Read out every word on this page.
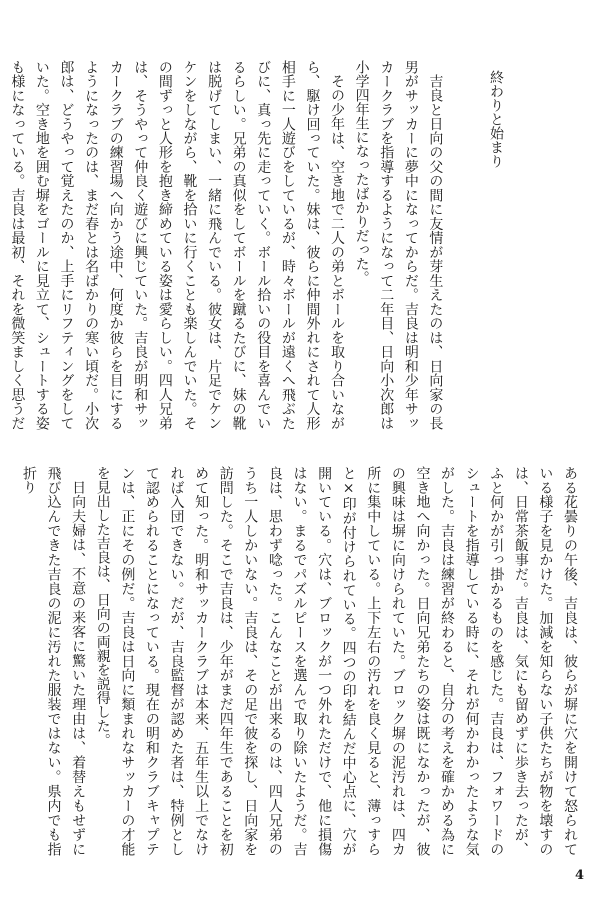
終わりと始まり

吉良と日向の父の間に友情が芽生えたのは、日向家の長男がサッカーに夢中になってからだ。吉良は明和少年サッカークラブを指導するようになって二年目、日向小次郎は小学四年生になったばかりだった。

その少年は、空き地で二人の弟とボールを取り合いながら、駆け回っていた。妹は、彼らに仲間外れにされて人形相手に一人遊びをしているが、時々ボールが遠くへ飛ぶたびに、真っ先に走っていく。ボール拾いの役目を喜んでいるらしい。兄弟の真似をしてボールを蹴るたびに、妹の靴は脱げてしまい、一緒に飛んでいる。彼女は、片足でケンケンをしながら、靴を拾いに行くことも楽しんでいた。その間ずっと人形を抱き締めている姿は愛らしい。四人兄弟は、そうやって仲良く遊びに興じていた。吉良が明和サッカークラブの練習場へ向かう途中、何度か彼らを目にするようになったのは、まだ春とは名ばかりの寒い頃だ。小次郎は、どうやって覚えたのか、上手にリフティングをしていた。空き地を囲む塀をゴールに見立て、シュートする姿も様になっている。吉良は最初、それを微笑ましく思うだ

ある花曇りの午後、吉良は、彼らが塀に穴を開けて怒られている様子を見かけた。加減を知らない子供たちが物を壊すのは、日常茶飯事だ。吉良は、気にも留めずに歩き去ったが、ふと何かが引っ掛かるものを感じた。吉良は、フォワードのシュートを指導している時に、それが何かわかったような気がした。吉良は練習が終わると、自分の考えを確かめる為に空き地へ向かった。日向兄弟たちの姿は既になかったが、彼の興味は塀に向けられていた。ブロック塀の泥汚れは、四カ所に集中している。上下左右の汚れを良く見ると、薄っすらと×印が付けられている。四つの印を結んだ中心点に、穴が開いている。穴は、ブロックが一つ外れただけで、他に損傷はない。まるでパズルピースを選んで取り除いたようだ。吉良は、思わず唸った。こんなことが出来るのは、四人兄弟のうち一人しかいない。吉良は、その足で彼を探し、日向家を訪問した。そこで吉良は、少年がまだ四年生であることを初めて知った。明和サッカークラブは本来、五年生以上でなければ入団できない。だが、吉良監督が認めた者は、特例として認められることになっている。現在の明和クラブキャプテンは、正にその例だ。吉良は日向に類まれなサッカーの才能を見出した吉良は、日向の両親を説得した。

日向夫婦は、不意の来客に驚いた理由は、着替えもせずに飛び込んできた吉良の泥に汚れた服装ではない。県内でも指折り

4
